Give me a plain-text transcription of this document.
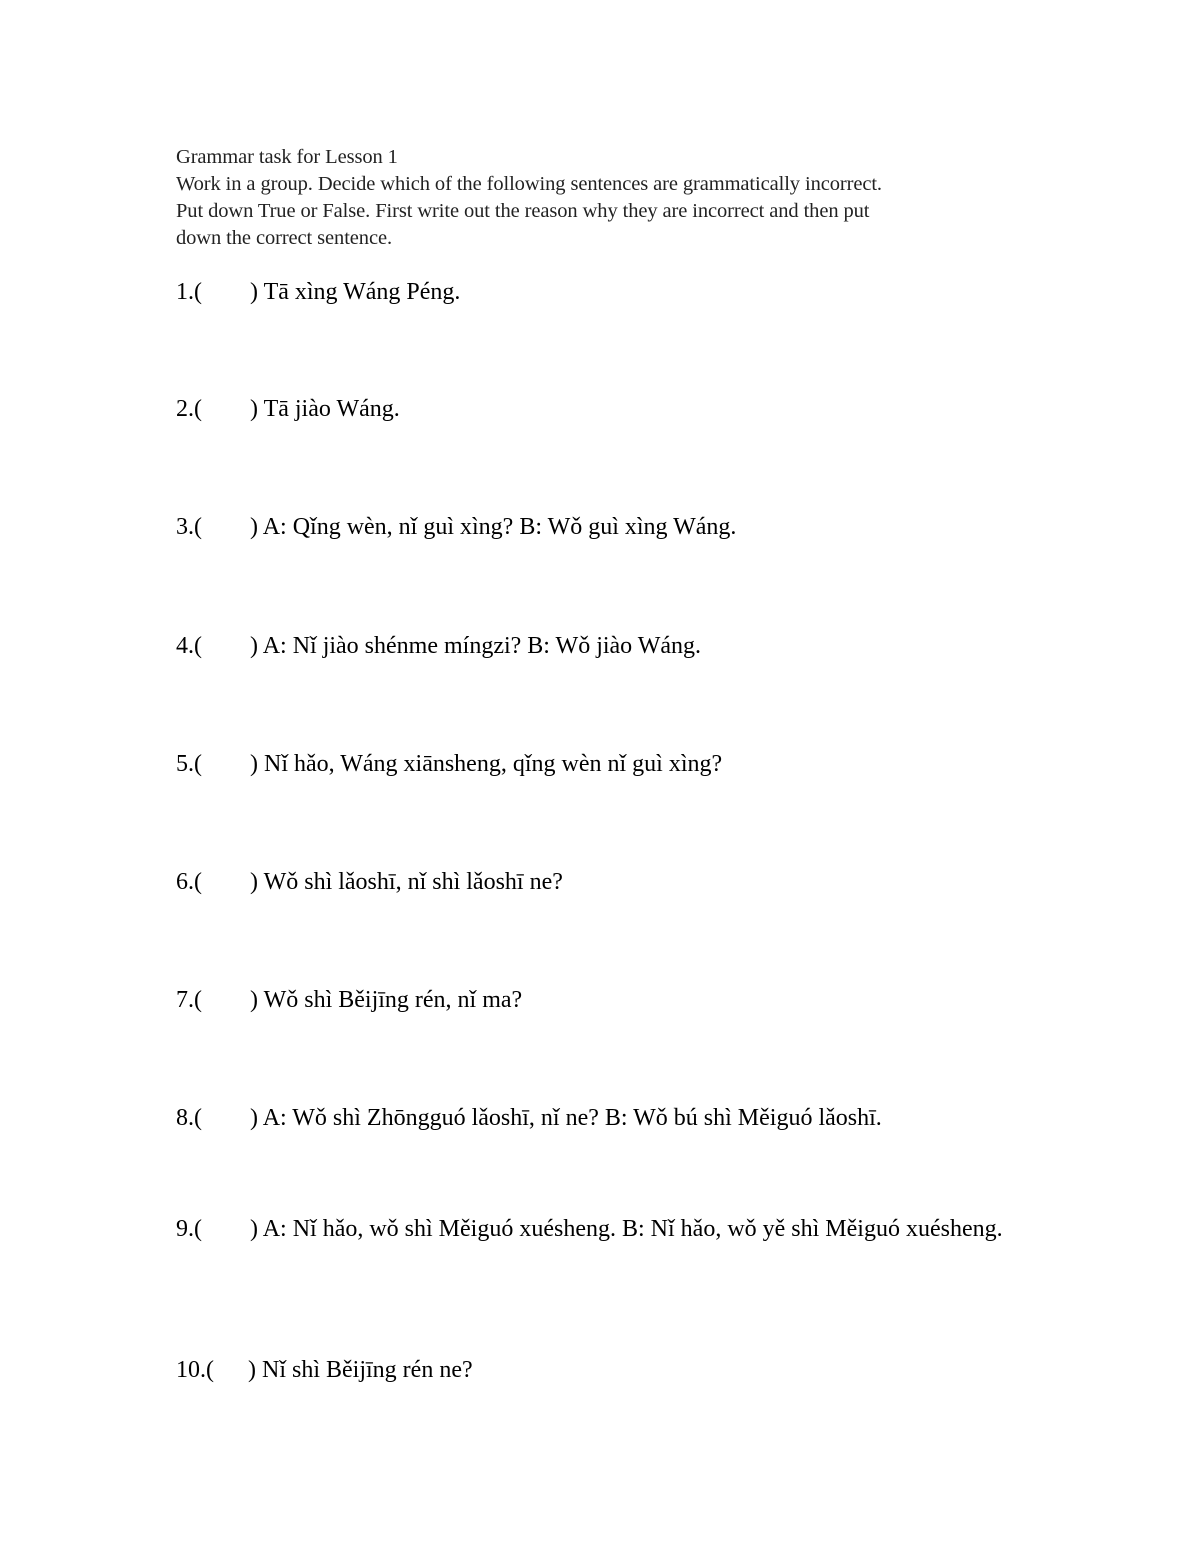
Grammar task for Lesson 1
Work in a group. Decide which of the following sentences are grammatically incorrect.
Put down True or False. First write out the reason why they are incorrect and then put
down the correct sentence.
1.( ) Tā xìng Wáng Péng.
2.( ) Tā jiào Wáng.
3.( ) A: Qǐng wèn, nǐ guì xìng? B: Wǒ guì xìng Wáng.
4.( ) A: Nǐ jiào shénme míngzi? B: Wǒ jiào Wáng.
5.( ) Nǐ hǎo, Wáng xiānsheng, qǐng wèn nǐ guì xìng?
6.( ) Wǒ shì lǎoshī, nǐ shì lǎoshī ne?
7.( ) Wǒ shì Běijīng rén, nǐ ma?
8.( ) A: Wǒ shì Zhōngguó lǎoshī, nǐ ne? B: Wǒ bú shì Měiguó lǎoshī.
9.( ) A: Nǐ hǎo, wǒ shì Měiguó xuésheng. B: Nǐ hǎo, wǒ yě shì Měiguó xuésheng.
10.( ) Nǐ shì Běijīng rén ne?
